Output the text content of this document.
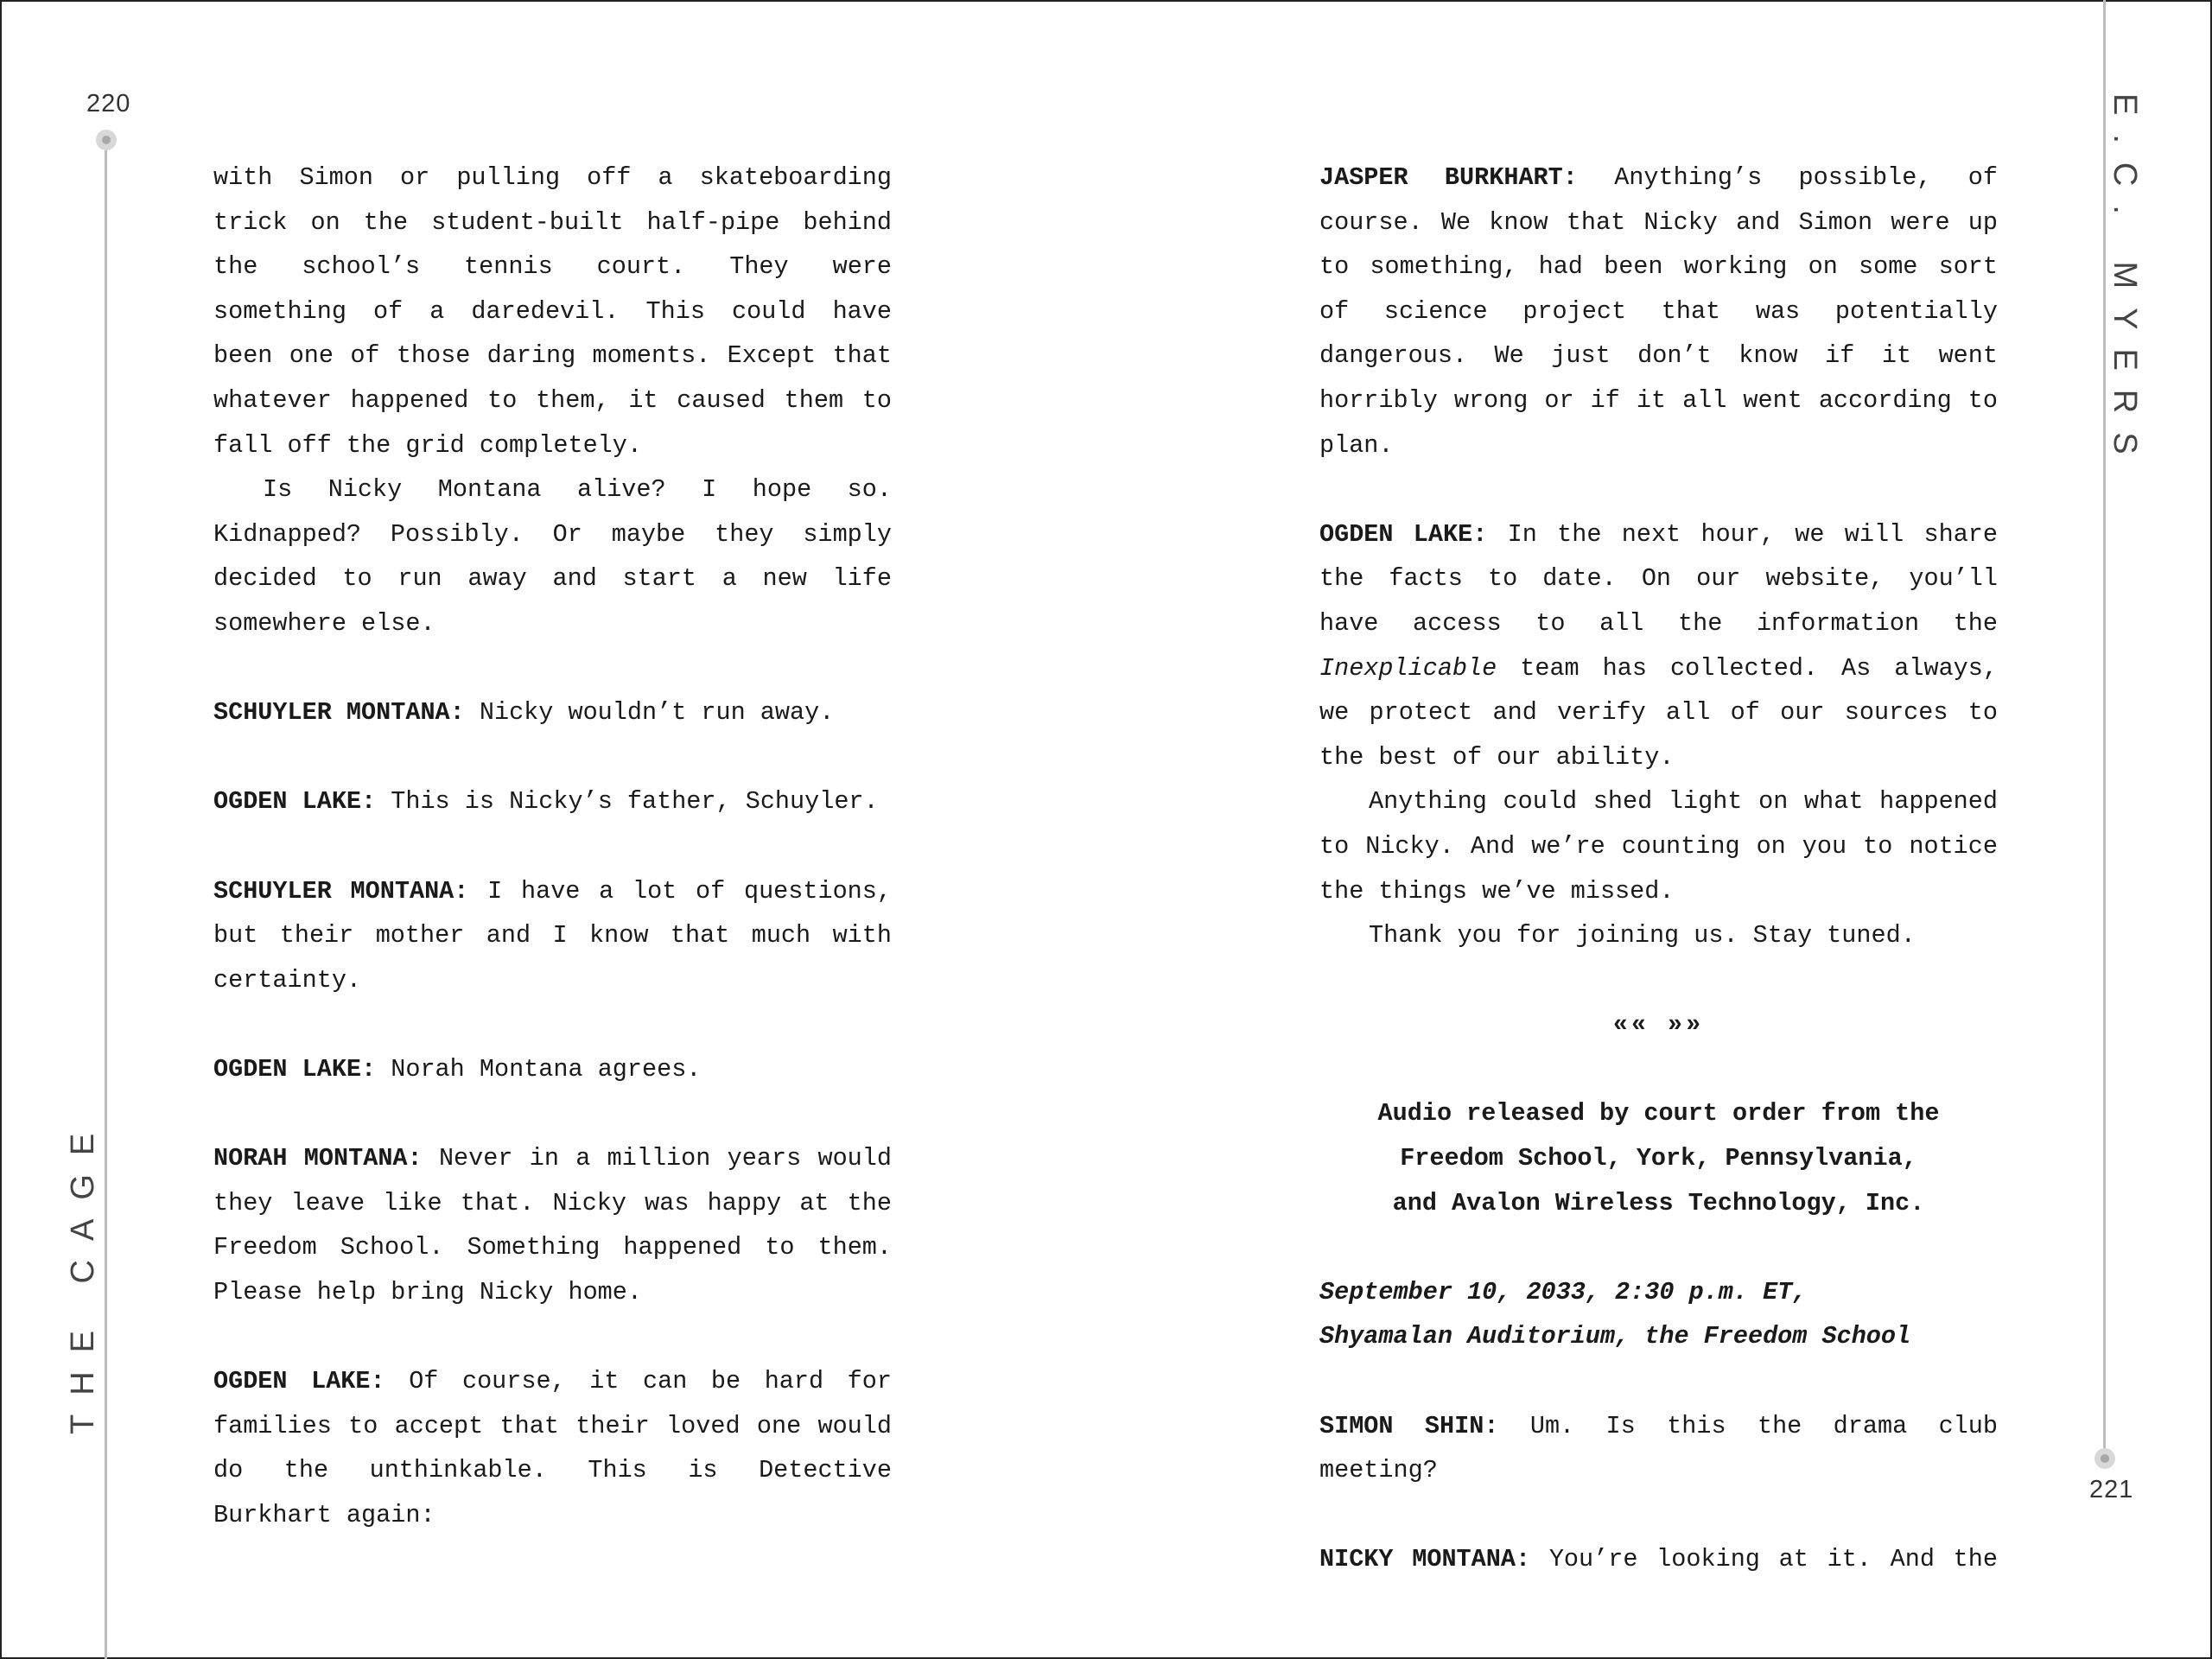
220
THE CAGE
221
E.C. MYERS

with Simon or pulling off a skateboarding trick on the student-built half-pipe behind the school’s tennis court. They were something of a daredevil. This could have been one of those daring moments. Except that whatever happened to them, it caused them to fall off the grid completely.

Is Nicky Montana alive? I hope so. Kidnapped? Possibly. Or maybe they simply decided to run away and start a new life somewhere else.

SCHUYLER MONTANA: Nicky wouldn’t run away.

OGDEN LAKE: This is Nicky’s father, Schuyler.

SCHUYLER MONTANA: I have a lot of questions, but their mother and I know that much with certainty.

OGDEN LAKE: Norah Montana agrees.

NORAH MONTANA: Never in a million years would they leave like that. Nicky was happy at the Freedom School. Something happened to them. Please help bring Nicky home.

OGDEN LAKE: Of course, it can be hard for families to accept that their loved one would do the unthinkable. This is Detective Burkhart again:

JASPER BURKHART: Anything’s possible, of course. We know that Nicky and Simon were up to something, had been working on some sort of science project that was potentially dangerous. We just don’t know if it went horribly wrong or if it all went according to plan.

OGDEN LAKE: In the next hour, we will share the facts to date. On our website, you’ll have access to all the information the Inexplicable team has collected. As always, we protect and verify all of our sources to the best of our ability.

Anything could shed light on what happened to Nicky. And we’re counting on you to notice the things we’ve missed.

Thank you for joining us. Stay tuned.

«« »»

Audio released by court order from the
Freedom School, York, Pennsylvania,
and Avalon Wireless Technology, Inc.

September 10, 2033, 2:30 p.m. ET,
Shyamalan Auditorium, the Freedom School

SIMON SHIN: Um. Is this the drama club meeting?

NICKY MONTANA: You’re looking at it. And the
